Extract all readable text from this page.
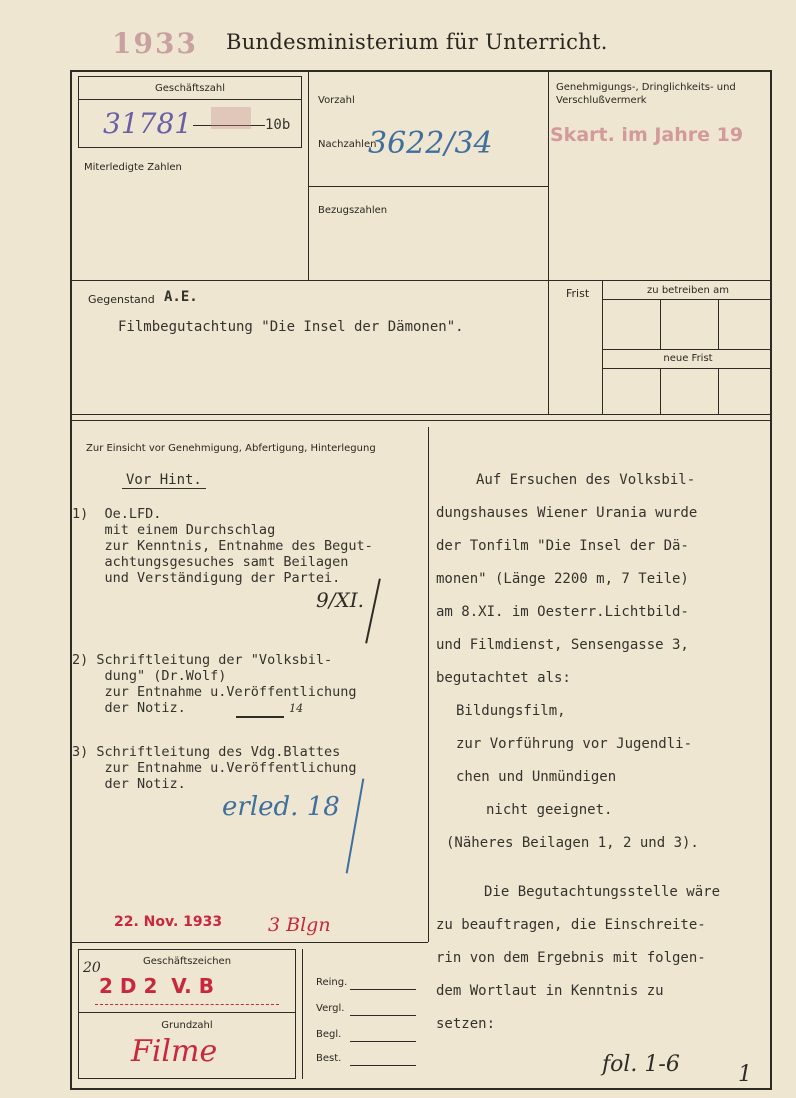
1933 Bundesministerium für Unterricht.
Geschäftszahl
31781	10b
Miterledigte Zahlen
Vorzahl
Nachzahlen
3622/34
Bezugszahlen
Genehmigungs-, Dringlichkeits- und Verschlußvermerk
Skart. im Jahre 19
Gegenstand A.E.
Filmbegutachtung "Die Insel der Dämonen".
Frist	zu betreiben am
neue Frist
Zur Einsicht vor Genehmigung, Abfertigung, Hinterlegung
Vor Hint.
1)  Oe.LFD.
mit einem Durchschlag
zur Kenntnis, Entnahme des Begut-
achtungsgesuches samt Beilagen
und Verständigung der Partei.
9/XI.
2) Schriftleitung der "Volksbil-
dung" (Dr.Wolf)
zur Entnahme u.Veröffentlichung
der Notiz.	$^{14}$
3) Schriftleitung des Vdg.Blattes
zur Entnahme u.Veröffentlichung
der Notiz.
erled. 18
22. Nov. 1933 3 Blgn
Geschäftszeichen
20
2 D 2  V. B
Grundzahl
Filme
Reing.
Vergl.
Begl.
Best.
Auf Ersuchen des Volksbil-
dungshauses Wiener Urania wurde
der Tonfilm "Die Insel der Dä-
monen" (Länge 2200 m, 7 Teile)
am 8.XI. im Oesterr.Lichtbild-
und Filmdienst, Sensengasse 3,
begutachtet als:
Bildungsfilm,
zur Vorführung vor Jugendli-
chen und Unmündigen
nicht geeignet.
(Näheres Beilagen 1, 2 und 3).
Die Begutachtungsstelle wäre
zu beauftragen, die Einschreite-
rin von dem Ergebnis mit folgen-
dem Wortlaut in Kenntnis zu
setzen:
fol. 1-6	1
